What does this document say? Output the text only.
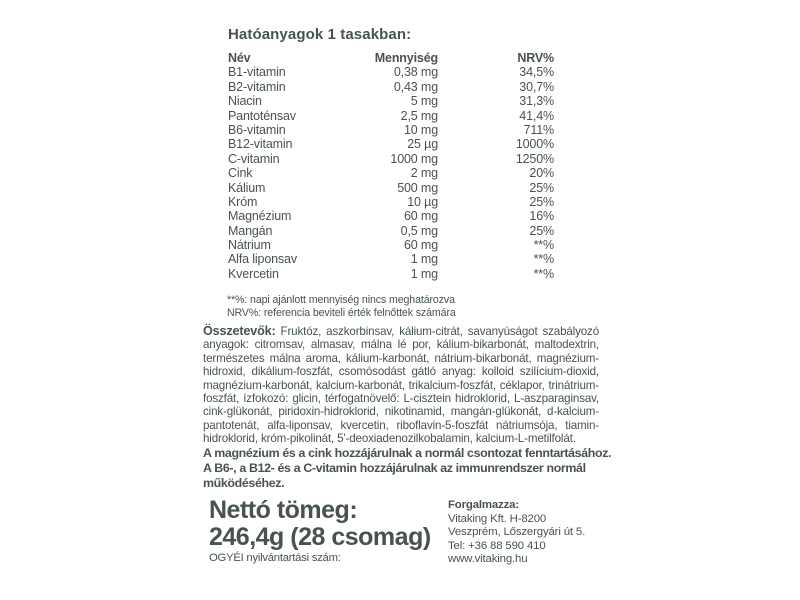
Hatóanyagok 1 tasakban:
Név	Mennyiség	NRV%
B1-vitamin	0,38 mg	34,5%
B2-vitamin	0,43 mg	30,7%
Niacin	5 mg	31,3%
Pantoténsav	2,5 mg	41,4%
B6-vitamin	10 mg	711%
B12-vitamin	25 µg	1000%
C-vitamin	1000 mg	1250%
Cink	2 mg	20%
Kálium	500 mg	25%
Króm	10 µg	25%
Magnézium	60 mg	16%
Mangán	0,5 mg	25%
Nátrium	60 mg	**%
Alfa liponsav	1 mg	**%
Kvercetin	1 mg	**%
**%: napi ajánlott mennyiség nincs meghatározva
NRV%: referencia beviteli érték felnőttek számára
Összetevők: Fruktóz, aszkorbinsav, kálium-citrát, savanyúságot szabályozó anyagok: citromsav, almasav, málna lé por, kálium-bikarbonát, maltodextrin, természetes málna aroma, kálium-karbonát, nátrium-bikarbonát, magnézium-hidroxid, dikálium-foszfát, csomósodást gátló anyag: kolloid szilícium-dioxid, magnézium-karbonát, kalcium-karbonát, trikalcium-foszfát, céklapor, trinátrium-foszfát, ízfokozó: glicin, térfogatnövelő: L-cisztein hidroklorid, L-aszparaginsav, cink-glükonát, piridoxin-hidroklorid, nikotinamid, mangán-glükonát, d-kalcium-pantotenát, alfa-liponsav, kvercetin, riboflavin-5-foszfát nátriumsója, tiamin-hidroklorid, króm-pikolinát, 5'-deoxiadenozilkobalamin, kalcium-L-metilfolát.
A magnézium és a cink hozzájárulnak a normál csontozat fenntartásához.
A B6-, a B12- és a C-vitamin hozzájárulnak az immunrendszer normál
működéséhez.
Nettó tömeg:
246,4g (28 csomag)
OGYÉI nyilvántartási szám:
Forgalmazza:
Vitaking Kft. H-8200
Veszprém, Lőszergyári út 5.
Tel: +36 88 590 410
www.vitaking.hu
